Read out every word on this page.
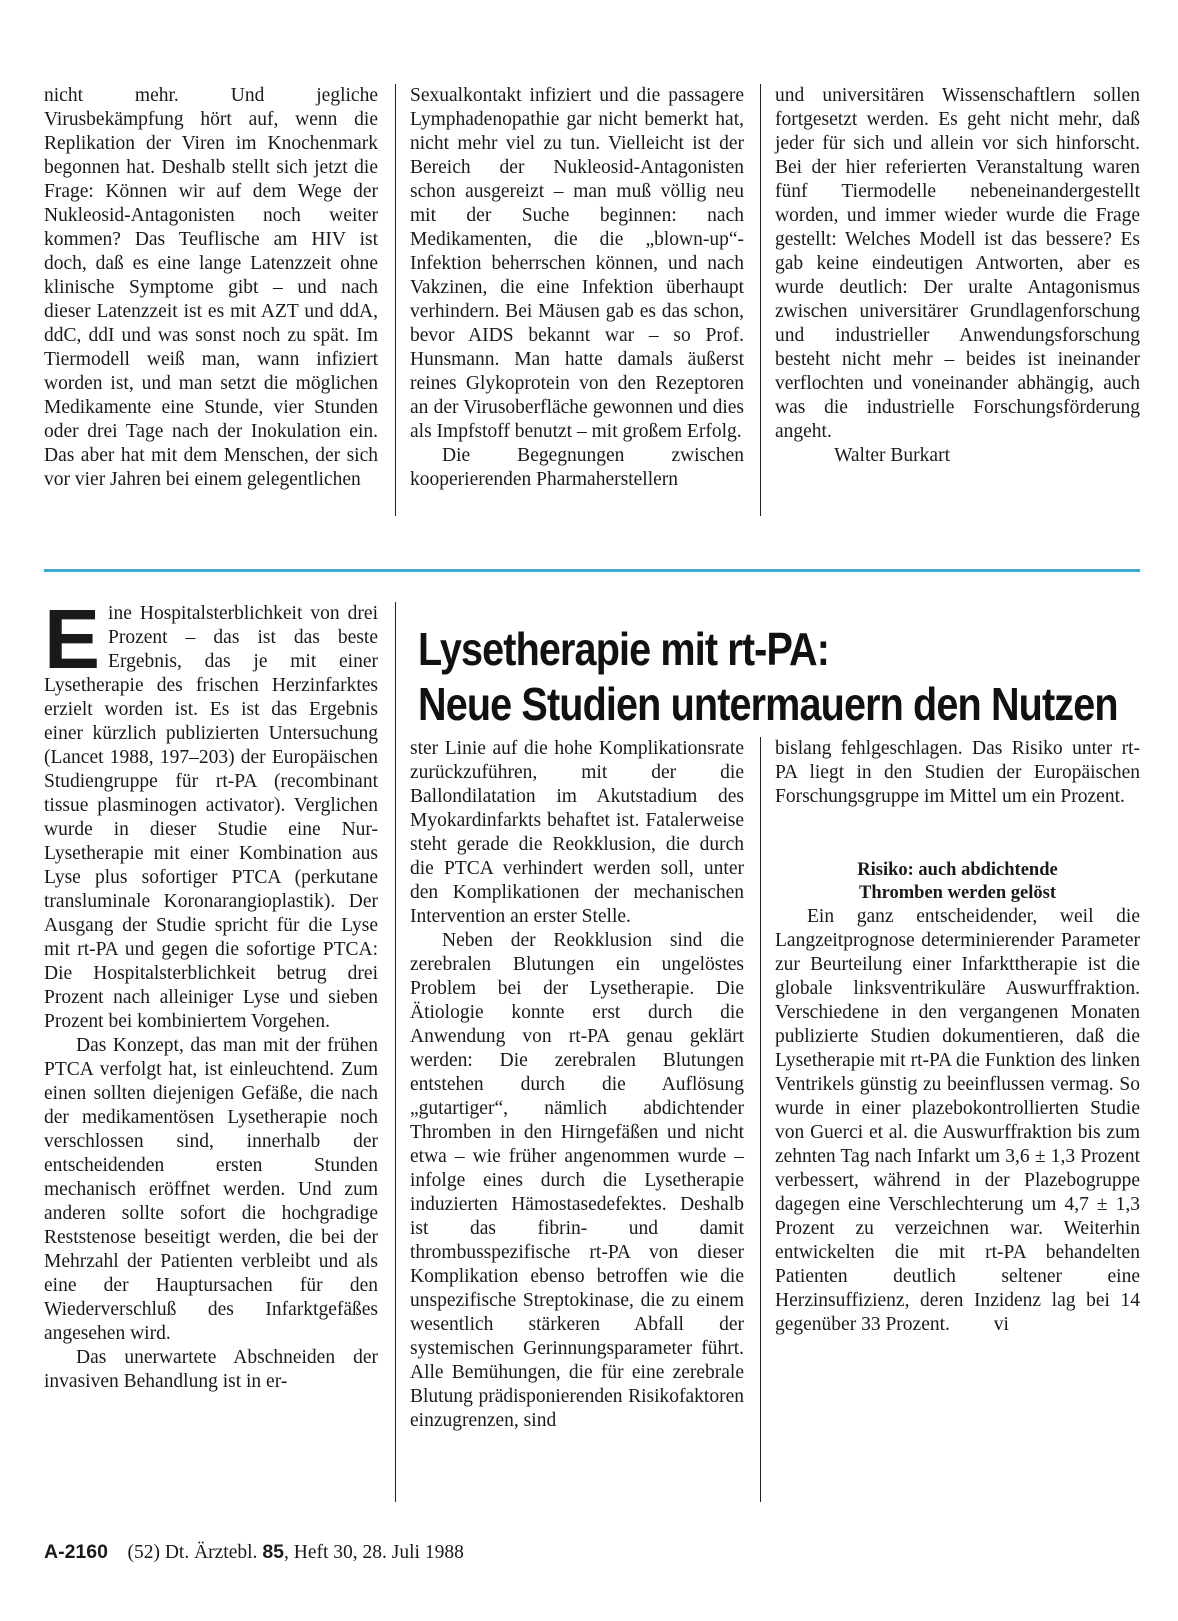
nicht mehr. Und jegliche Virusbekämpfung hört auf, wenn die Replikation der Viren im Knochenmark begonnen hat. Deshalb stellt sich jetzt die Frage: Können wir auf dem Wege der Nukleosid-Antagonisten noch weiter kommen? Das Teuflische am HIV ist doch, daß es eine lange Latenzzeit ohne klinische Symptome gibt – und nach dieser Latenzzeit ist es mit AZT und ddA, ddC, ddI und was sonst noch zu spät. Im Tiermodell weiß man, wann infiziert worden ist, und man setzt die möglichen Medikamente eine Stunde, vier Stunden oder drei Tage nach der Inokulation ein. Das aber hat mit dem Menschen, der sich vor vier Jahren bei einem gelegentlichen

Sexualkontakt infiziert und die passagere Lymphadenopathie gar nicht bemerkt hat, nicht mehr viel zu tun. Vielleicht ist der Bereich der Nukleosid-Antagonisten schon ausgereizt – man muß völlig neu mit der Suche beginnen: nach Medikamenten, die die „blown-up“-Infektion beherrschen können, und nach Vakzinen, die eine Infektion überhaupt verhindern. Bei Mäusen gab es das schon, bevor AIDS bekannt war – so Prof. Hunsmann. Man hatte damals äußerst reines Glykoprotein von den Rezeptoren an der Virusoberfläche gewonnen und dies als Impfstoff benutzt – mit großem Erfolg.

Die Begegnungen zwischen kooperierenden Pharmaherstellern

und universitären Wissenschaftlern sollen fortgesetzt werden. Es geht nicht mehr, daß jeder für sich und allein vor sich hinforscht. Bei der hier referierten Veranstaltung waren fünf Tiermodelle nebeneinandergestellt worden, und immer wieder wurde die Frage gestellt: Welches Modell ist das bessere? Es gab keine eindeutigen Antworten, aber es wurde deutlich: Der uralte Antagonismus zwischen universitärer Grundlagenforschung und industrieller Anwendungsforschung besteht nicht mehr – beides ist ineinander verflochten und voneinander abhängig, auch was die industrielle Forschungsförderung angeht.

Walter Burkart

Eine Hospitalsterblichkeit von drei Prozent – das ist das beste Ergebnis, das je mit einer Lysetherapie des frischen Herzinfarktes erzielt worden ist. Es ist das Ergebnis einer kürzlich publizierten Untersuchung (Lancet 1988, 197–203) der Europäischen Studiengruppe für rt-PA (recombinant tissue plasminogen activator). Verglichen wurde in dieser Studie eine Nur-Lysetherapie mit einer Kombination aus Lyse plus sofortiger PTCA (perkutane transluminale Koronarangioplastik). Der Ausgang der Studie spricht für die Lyse mit rt-PA und gegen die sofortige PTCA: Die Hospitalsterblichkeit betrug drei Prozent nach alleiniger Lyse und sieben Prozent bei kombiniertem Vorgehen.

Das Konzept, das man mit der frühen PTCA verfolgt hat, ist einleuchtend. Zum einen sollten diejenigen Gefäße, die nach der medikamentösen Lysetherapie noch verschlossen sind, innerhalb der entscheidenden ersten Stunden mechanisch eröffnet werden. Und zum anderen sollte sofort die hochgradige Reststenose beseitigt werden, die bei der Mehrzahl der Patienten verbleibt und als eine der Hauptursachen für den Wiederverschluß des Infarktgefäßes angesehen wird.

Das unerwartete Abschneiden der invasiven Behandlung ist in er-

Lysetherapie mit rt-PA:
Neue Studien untermauern den Nutzen

ster Linie auf die hohe Komplikationsrate zurückzuführen, mit der die Ballondilatation im Akutstadium des Myokardinfarkts behaftet ist. Fatalerweise steht gerade die Reokklusion, die durch die PTCA verhindert werden soll, unter den Komplikationen der mechanischen Intervention an erster Stelle.

Neben der Reokklusion sind die zerebralen Blutungen ein ungelöstes Problem bei der Lysetherapie. Die Ätiologie konnte erst durch die Anwendung von rt-PA genau geklärt werden: Die zerebralen Blutungen entstehen durch die Auflösung „gutartiger“, nämlich abdichtender Thromben in den Hirngefäßen und nicht etwa – wie früher angenommen wurde – infolge eines durch die Lysetherapie induzierten Hämostasedefektes. Deshalb ist das fibrin- und damit thrombusspezifische rt-PA von dieser Komplikation ebenso betroffen wie die unspezifische Streptokinase, die zu einem wesentlich stärkeren Abfall der systemischen Gerinnungsparameter führt. Alle Bemühungen, die für eine zerebrale Blutung prädisponierenden Risikofaktoren einzugrenzen, sind

bislang fehlgeschlagen. Das Risiko unter rt-PA liegt in den Studien der Europäischen Forschungsgruppe im Mittel um ein Prozent.

Risiko: auch abdichtende Thromben werden gelöst

Ein ganz entscheidender, weil die Langzeitprognose determinierender Parameter zur Beurteilung einer Infarkttherapie ist die globale linksventrikuläre Auswurffraktion. Verschiedene in den vergangenen Monaten publizierte Studien dokumentieren, daß die Lysetherapie mit rt-PA die Funktion des linken Ventrikels günstig zu beeinflussen vermag. So wurde in einer plazebokontrollierten Studie von Guerci et al. die Auswurffraktion bis zum zehnten Tag nach Infarkt um 3,6 ± 1,3 Prozent verbessert, während in der Plazebogruppe dagegen eine Verschlechterung um 4,7 ± 1,3 Prozent zu verzeichnen war. Weiterhin entwickelten die mit rt-PA behandelten Patienten deutlich seltener eine Herzinsuffizienz, deren Inzidenz lag bei 14 gegenüber 33 Prozent. vi

A-2160 (52) Dt. Ärztebl. 85, Heft 30, 28. Juli 1988
